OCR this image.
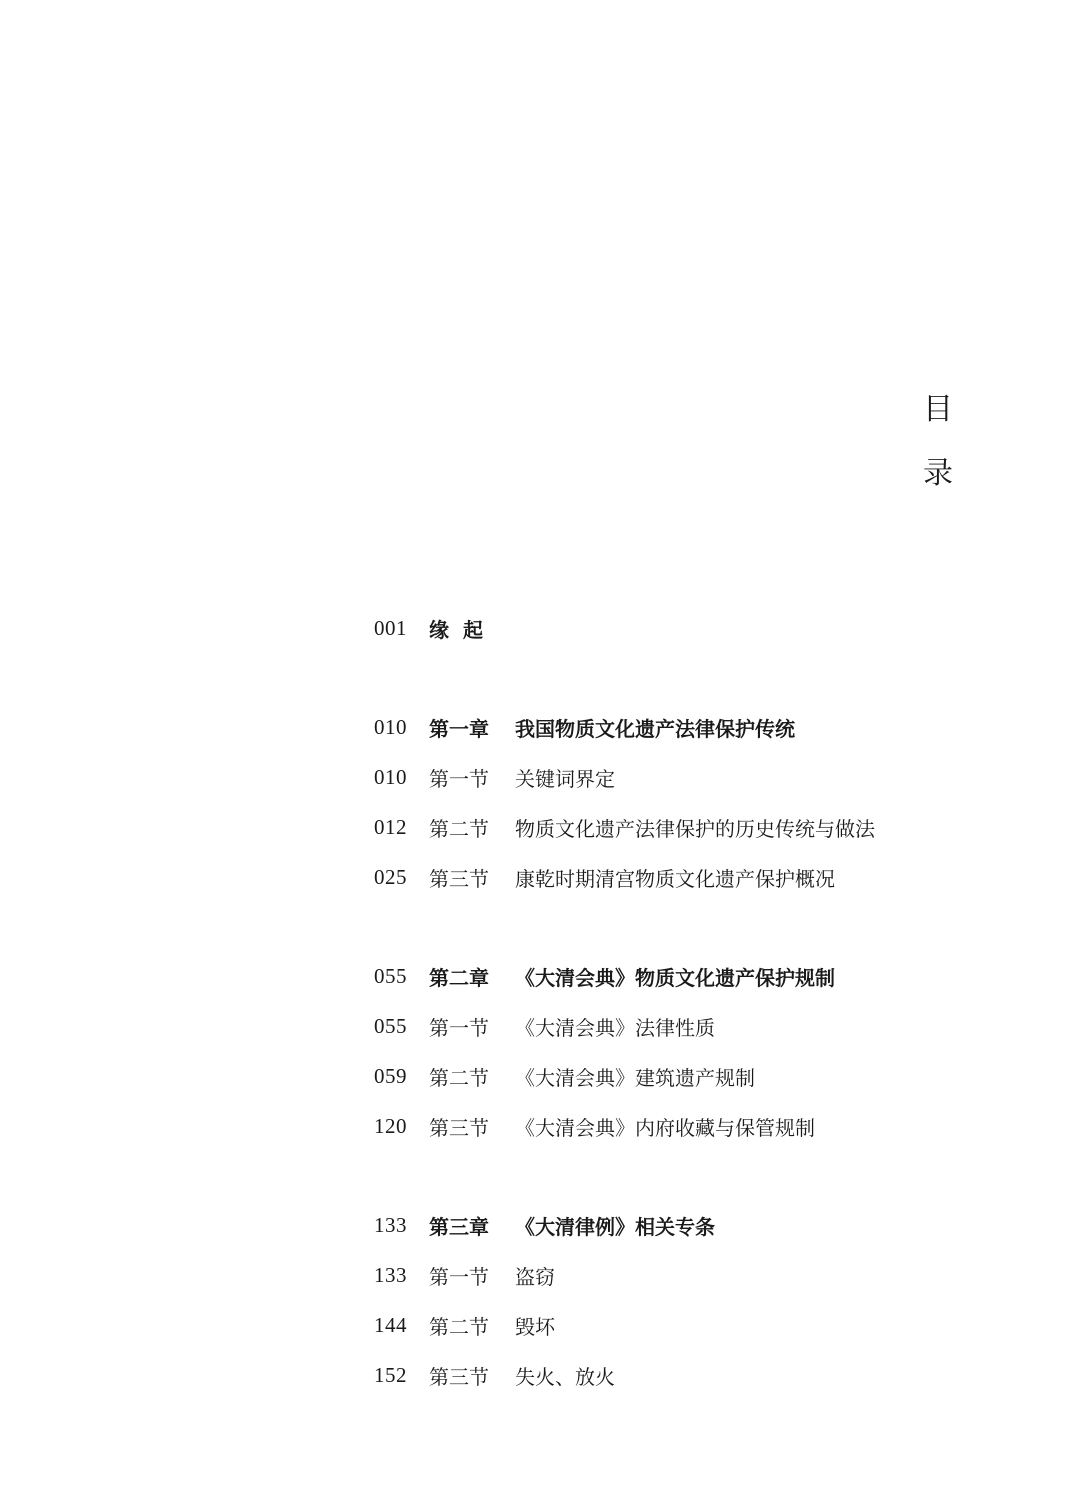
目
录
001	缘起
010	第一章	我国物质文化遗产法律保护传统
010	第一节	关键词界定
012	第二节	物质文化遗产法律保护的历史传统与做法
025	第三节	康乾时期清宫物质文化遗产保护概况
055	第二章	《大清会典》物质文化遗产保护规制
055	第一节	《大清会典》法律性质
059	第二节	《大清会典》建筑遗产规制
120	第三节	《大清会典》内府收藏与保管规制
133	第三章	《大清律例》相关专条
133	第一节	盗窃
144	第二节	毁坏
152	第三节	失火、放火
